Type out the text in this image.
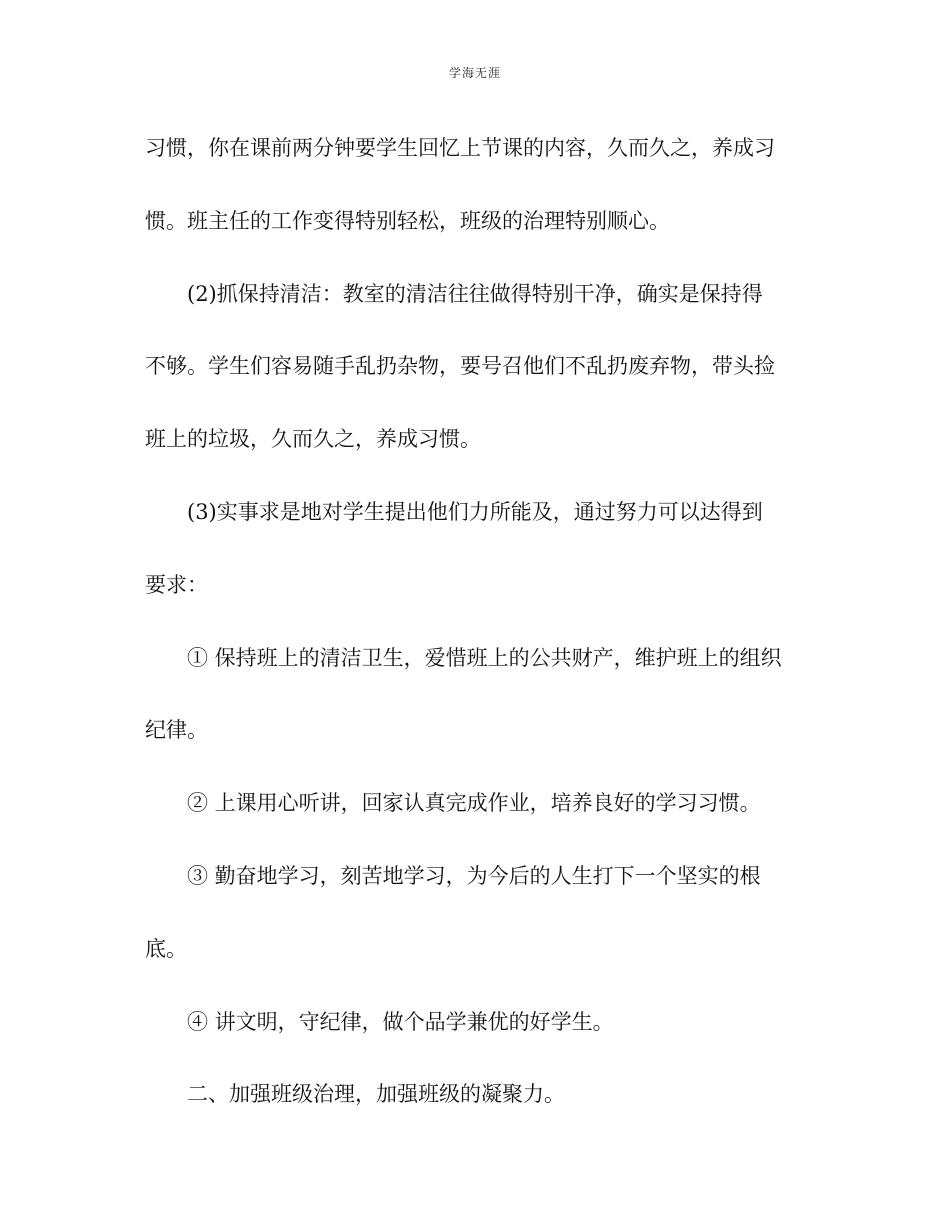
学海无涯
习惯，你在课前两分钟要学生回忆上节课的内容，久而久之，养成习
惯。班主任的工作变得特别轻松，班级的治理特别顺心。
(2)抓保持清洁：教室的清洁往往做得特别干净，确实是保持得
不够。学生们容易随手乱扔杂物，要号召他们不乱扔废弃物，带头捡
班上的垃圾，久而久之，养成习惯。
(3)实事求是地对学生提出他们力所能及，通过努力可以达得到
要求：
① 保持班上的清洁卫生，爱惜班上的公共财产，维护班上的组织
纪律。
② 上课用心听讲，回家认真完成作业，培养良好的学习习惯。
③ 勤奋地学习，刻苦地学习，为今后的人生打下一个坚实的根
底。
④ 讲文明，守纪律，做个品学兼优的好学生。
二、加强班级治理，加强班级的凝聚力。
